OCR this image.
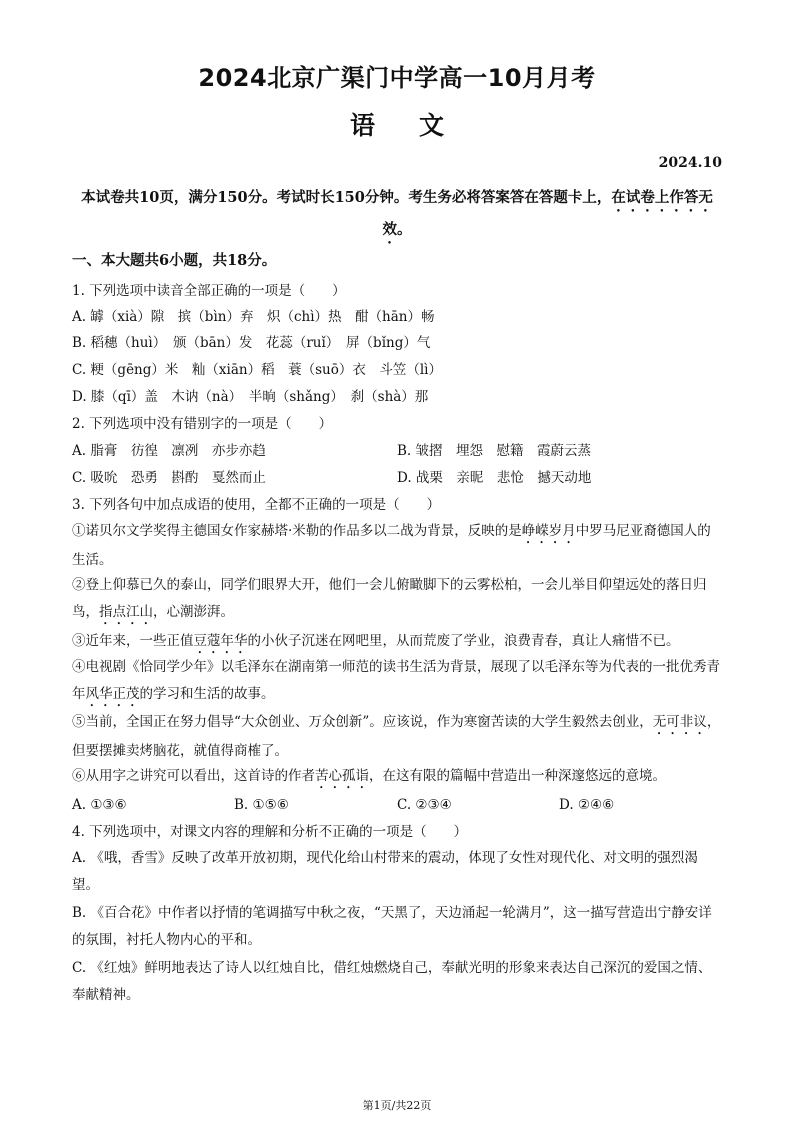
2024北京广渠门中学高一10月月考
语 文
2024.10
本试卷共10页，满分150分。考试时长150分钟。考生务必将答案答在答题卡上，在试卷上作答无效。
一、本大题共6小题，共18分。
1. 下列选项中读音全部正确的一项是（　　）
A. 罅（xià）隙　摈（bìn）弃　炽（chì）热　酣（hān）畅
B. 稻穗（huì）　颁（bān）发　花蕊（ruǐ）　屏（bǐng）气
C. 粳（gēng）米　籼（xiān）稻　蓑（suō）衣　斗笠（lì）
D. 膝（qī）盖　木讷（nà）　半晌（shǎng）　刹（shà）那
2. 下列选项中没有错别字的一项是（　　）
A. 脂膏　彷徨　凛冽　亦步亦趋	B. 皱摺　埋怨　慰籍　霞蔚云蒸
C. 吸吮　恐勇　斟酌　戛然而止	D. 战栗　亲昵　悲怆　撼天动地
3. 下列各句中加点成语的使用，全都不正确的一项是（　　）
①诺贝尔文学奖得主德国女作家赫塔·米勒的作品多以二战为背景，反映的是峥嵘岁月中罗马尼亚裔德国人的生活。
②登上仰慕已久的泰山，同学们眼界大开，他们一会儿俯瞰脚下的云雾松柏，一会儿举目仰望远处的落日归鸟，指点江山，心潮澎湃。
③近年来，一些正值豆蔻年华的小伙子沉迷在网吧里，从而荒废了学业，浪费青春，真让人痛惜不已。
④电视剧《恰同学少年》以毛泽东在湖南第一师范的读书生活为背景，展现了以毛泽东等为代表的一批优秀青年风华正茂的学习和生活的故事。
⑤当前，全国正在努力倡导“大众创业、万众创新”。应该说，作为寒窗苦读的大学生毅然去创业，无可非议，但要摆摊卖烤脑花，就值得商榷了。
⑥从用字之讲究可以看出，这首诗的作者苦心孤诣，在这有限的篇幅中营造出一种深邃悠远的意境。
A. ①③⑥	B. ①⑤⑥	C. ②③④	D. ②④⑥
4. 下列选项中，对课文内容的理解和分析不正确的一项是（　　）
A. 《哦，香雪》反映了改革开放初期，现代化给山村带来的震动，体现了女性对现代化、对文明的强烈渴望。
B. 《百合花》中作者以抒情的笔调描写中秋之夜，“天黑了，天边涌起一轮满月”，这一描写营造出宁静安详的氛围，衬托人物内心的平和。
C. 《红烛》鲜明地表达了诗人以红烛自比，借红烛燃烧自己，奉献光明的形象来表达自己深沉的爱国之情、奉献精神。
第1页/共22页
